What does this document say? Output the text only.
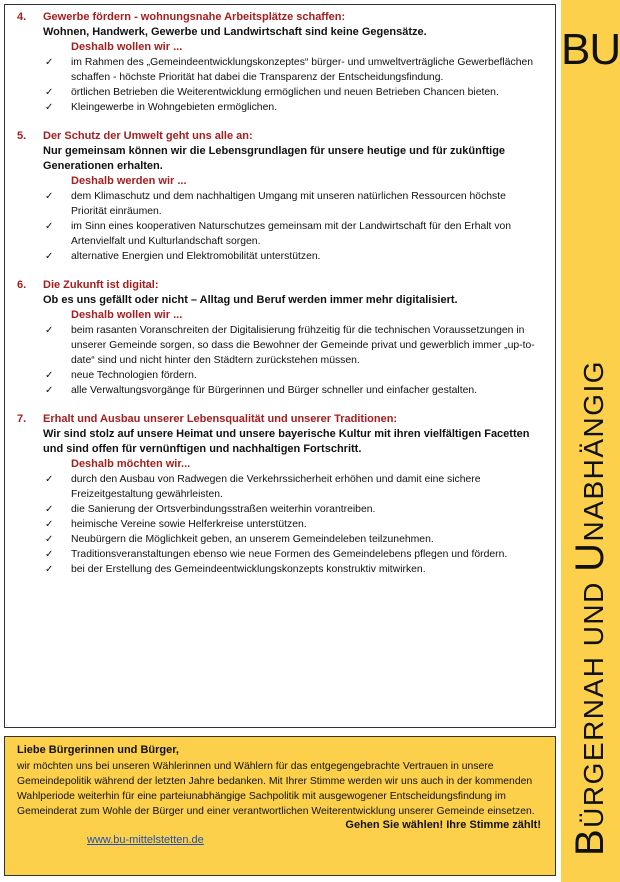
4. Gewerbe fördern - wohnungsnahe Arbeitsplätze schaffen:
Wohnen, Handwerk, Gewerbe und Landwirtschaft sind keine Gegensätze.
Deshalb wollen wir ...
✓ im Rahmen des „Gemeindeentwicklungskonzeptes“ bürger- und umweltverträgliche Gewerbeflächen schaffen - höchste Priorität hat dabei die Transparenz der Entscheidungsfindung.
✓ örtlichen Betrieben die Weiterentwicklung ermöglichen und neuen Betrieben Chancen bieten.
✓ Kleingewerbe in Wohngebieten ermöglichen.
5. Der Schutz der Umwelt geht uns alle an:
Nur gemeinsam können wir die Lebensgrundlagen für unsere heutige und für zukünftige Generationen erhalten.
Deshalb werden wir ...
✓ dem Klimaschutz und dem nachhaltigen Umgang mit unseren natürlichen Ressourcen höchste Priorität einräumen.
✓ im Sinn eines kooperativen Naturschutzes gemeinsam mit der Landwirtschaft für den Erhalt von Artenvielfalt und Kulturlandschaft sorgen.
✓ alternative Energien und Elektromobilität unterstützen.
6. Die Zukunft ist digital:
Ob es uns gefällt oder nicht – Alltag und Beruf werden immer mehr digitalisiert.
Deshalb wollen wir ...
✓ beim rasanten Voranschreiten der Digitalisierung frühzeitig für die technischen Voraussetzungen in unserer Gemeinde sorgen, so dass die Bewohner der Gemeinde privat und gewerblich immer „up-to-date“ sind und nicht hinter den Städtern zurückstehen müssen.
✓ neue Technologien fördern.
✓ alle Verwaltungsvorgänge für Bürgerinnen und Bürger schneller und einfacher gestalten.
7. Erhalt und Ausbau unserer Lebensqualität und unserer Traditionen:
Wir sind stolz auf unsere Heimat und unsere bayerische Kultur mit ihren vielfältigen Facetten und sind offen für vernünftigen und nachhaltigen Fortschritt.
Deshalb möchten wir...
✓ durch den Ausbau von Radwegen die Verkehrssicherheit erhöhen und damit eine sichere Freizeitgestaltung gewährleisten.
✓ die Sanierung der Ortsverbindungsstraßen weiterhin vorantreiben.
✓ heimische Vereine sowie Helferkreise unterstützen.
✓ Neubürgern die Möglichkeit geben, an unserem Gemeindeleben teilzunehmen.
✓ Traditionsveranstaltungen ebenso wie neue Formen des Gemeindelebens pflegen und fördern.
✓ bei der Erstellung des Gemeindeentwicklungskonzepts konstruktiv mitwirken.
Liebe Bürgerinnen und Bürger,
wir möchten uns bei unseren Wählerinnen und Wählern für das entgegengebrachte Vertrauen in unsere Gemeindepolitik während der letzten Jahre bedanken. Mit Ihrer Stimme werden wir uns auch in der kommenden Wahlperiode weiterhin für eine parteiunabhängige Sachpolitik mit ausgewogener Entscheidungsfindung im Gemeinderat zum Wohle der Bürger und einer verantwortlichen Weiterentwicklung unserer Gemeinde einsetzen.
Gehen Sie wählen! Ihre Stimme zählt!
www.bu-mittelstetten.de
BU
BÜRGERNAH UND UNABHÄNGIG
